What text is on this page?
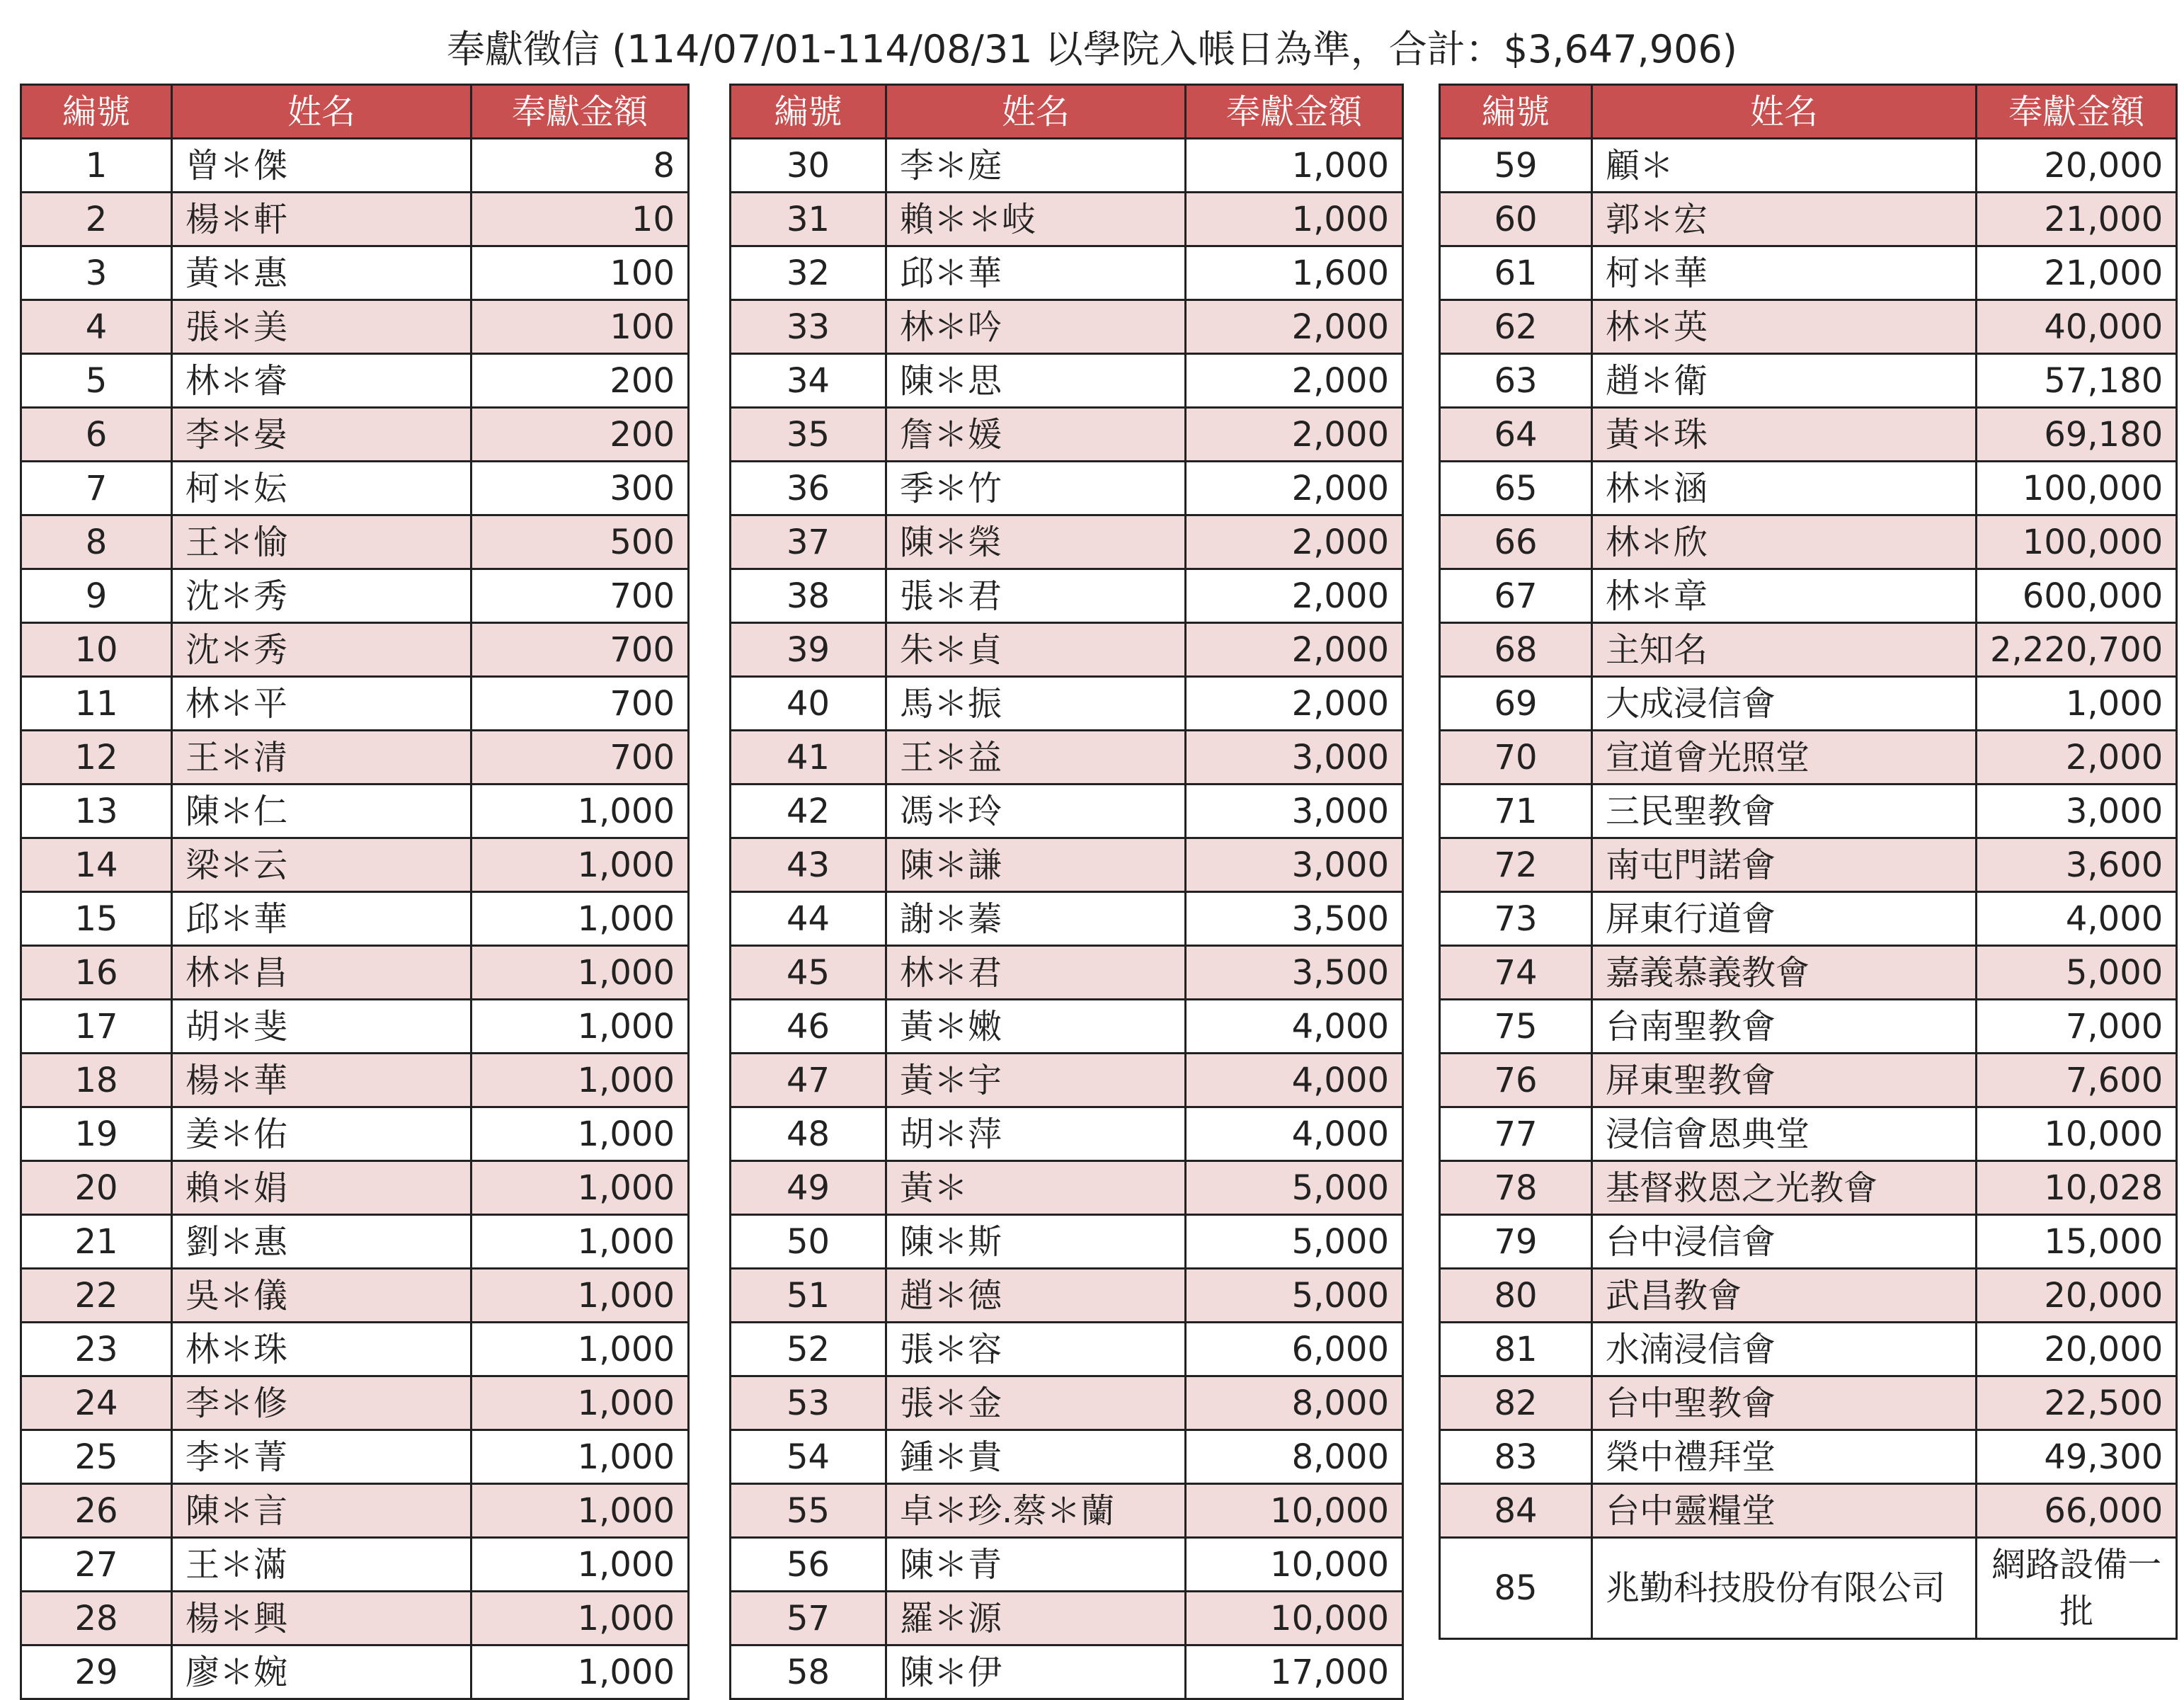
奉獻徵信 (114/07/01-114/08/31 以學院入帳日為準，合計：$3,647,906)
編號	姓名	奉獻金額
1	曾＊傑	8
2	楊＊軒	10
3	黃＊惠	100
4	張＊美	100
5	林＊睿	200
6	李＊晏	200
7	柯＊妘	300
8	王＊愉	500
9	沈＊秀	700
10	沈＊秀	700
11	林＊平	700
12	王＊清	700
13	陳＊仁	1,000
14	梁＊云	1,000
15	邱＊華	1,000
16	林＊昌	1,000
17	胡＊斐	1,000
18	楊＊華	1,000
19	姜＊佑	1,000
20	賴＊娟	1,000
21	劉＊惠	1,000
22	吳＊儀	1,000
23	林＊珠	1,000
24	李＊修	1,000
25	李＊菁	1,000
26	陳＊言	1,000
27	王＊滿	1,000
28	楊＊興	1,000
29	廖＊婉	1,000
編號	姓名	奉獻金額
30	李＊庭	1,000
31	賴＊＊岐	1,000
32	邱＊華	1,600
33	林＊吟	2,000
34	陳＊思	2,000
35	詹＊媛	2,000
36	季＊竹	2,000
37	陳＊榮	2,000
38	張＊君	2,000
39	朱＊貞	2,000
40	馬＊振	2,000
41	王＊益	3,000
42	馮＊玲	3,000
43	陳＊謙	3,000
44	謝＊蓁	3,500
45	林＊君	3,500
46	黃＊嫩	4,000
47	黃＊宇	4,000
48	胡＊萍	4,000
49	黃＊	5,000
50	陳＊斯	5,000
51	趙＊德	5,000
52	張＊容	6,000
53	張＊金	8,000
54	鍾＊貴	8,000
55	卓＊珍.蔡＊蘭	10,000
56	陳＊青	10,000
57	羅＊源	10,000
58	陳＊伊	17,000
編號	姓名	奉獻金額
59	顧＊	20,000
60	郭＊宏	21,000
61	柯＊華	21,000
62	林＊英	40,000
63	趙＊衛	57,180
64	黃＊珠	69,180
65	林＊涵	100,000
66	林＊欣	100,000
67	林＊章	600,000
68	主知名	2,220,700
69	大成浸信會	1,000
70	宣道會光照堂	2,000
71	三民聖教會	3,000
72	南屯門諾會	3,600
73	屏東行道會	4,000
74	嘉義慕義教會	5,000
75	台南聖教會	7,000
76	屏東聖教會	7,600
77	浸信會恩典堂	10,000
78	基督救恩之光教會	10,028
79	台中浸信會	15,000
80	武昌教會	20,000
81	水湳浸信會	20,000
82	台中聖教會	22,500
83	榮中禮拜堂	49,300
84	台中靈糧堂	66,000
85	兆勤科技股份有限公司	網路設備一批
